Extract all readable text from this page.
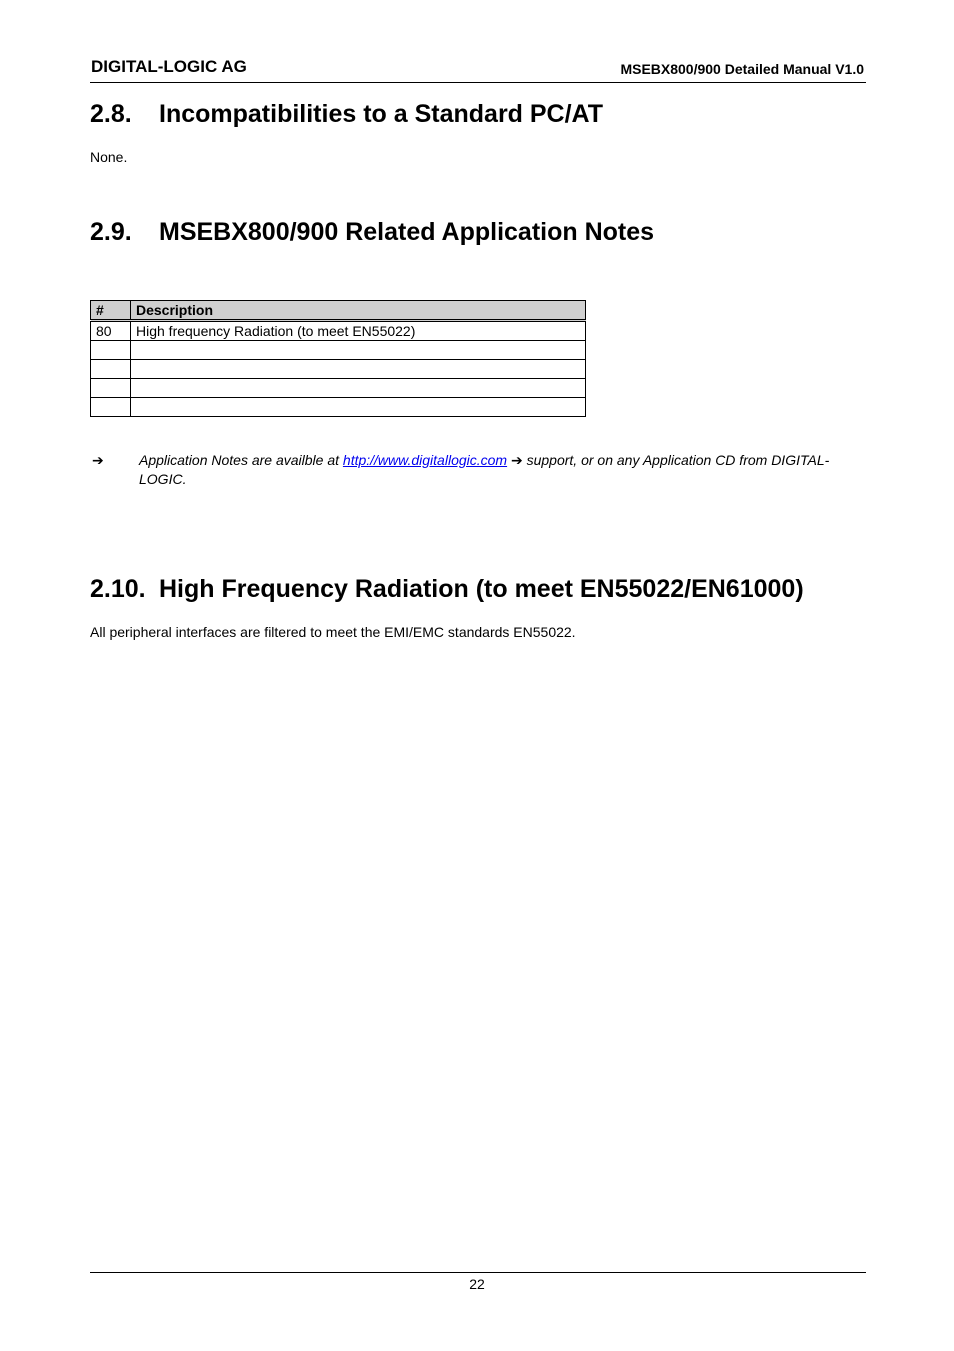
DIGITAL-LOGIC AG	MSEBX800/900 Detailed Manual V1.0
2.8. Incompatibilities to a Standard PC/AT

None.

2.9. MSEBX800/900 Related Application Notes
#	Description
80	High frequency Radiation (to meet EN55022)

➔	Application Notes are availble at http://www.digitallogic.com ➔ support, or on any Application CD from DIGITAL-LOGIC.
2.10. High Frequency Radiation (to meet EN55022/EN61000)

All peripheral interfaces are filtered to meet the EMI/EMC standards EN55022.

22
